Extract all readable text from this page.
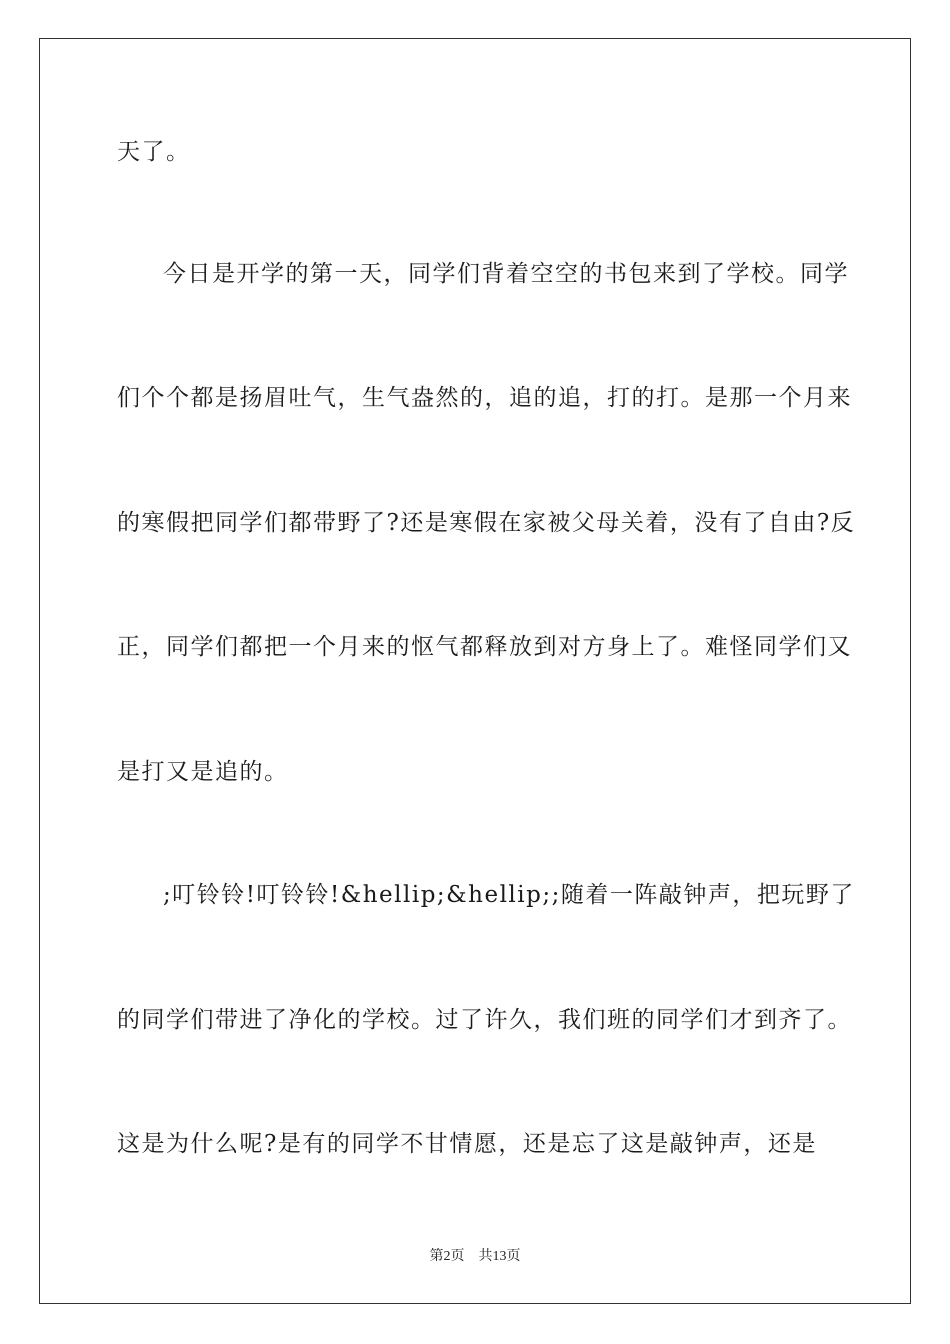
天了。
今日是开学的第一天，同学们背着空空的书包来到了学校。同学
们个个都是扬眉吐气，生气盎然的，追的追，打的打。是那一个月来
的寒假把同学们都带野了?还是寒假在家被父母关着，没有了自由?反
正，同学们都把一个月来的怄气都释放到对方身上了。难怪同学们又
是打又是追的。
;叮铃铃!叮铃铃!&hellip;&hellip;;随着一阵敲钟声，把玩野了
的同学们带进了净化的学校。过了许久，我们班的同学们才到齐了。
这是为什么呢?是有的同学不甘情愿，还是忘了这是敲钟声，还是
第2页　共13页
